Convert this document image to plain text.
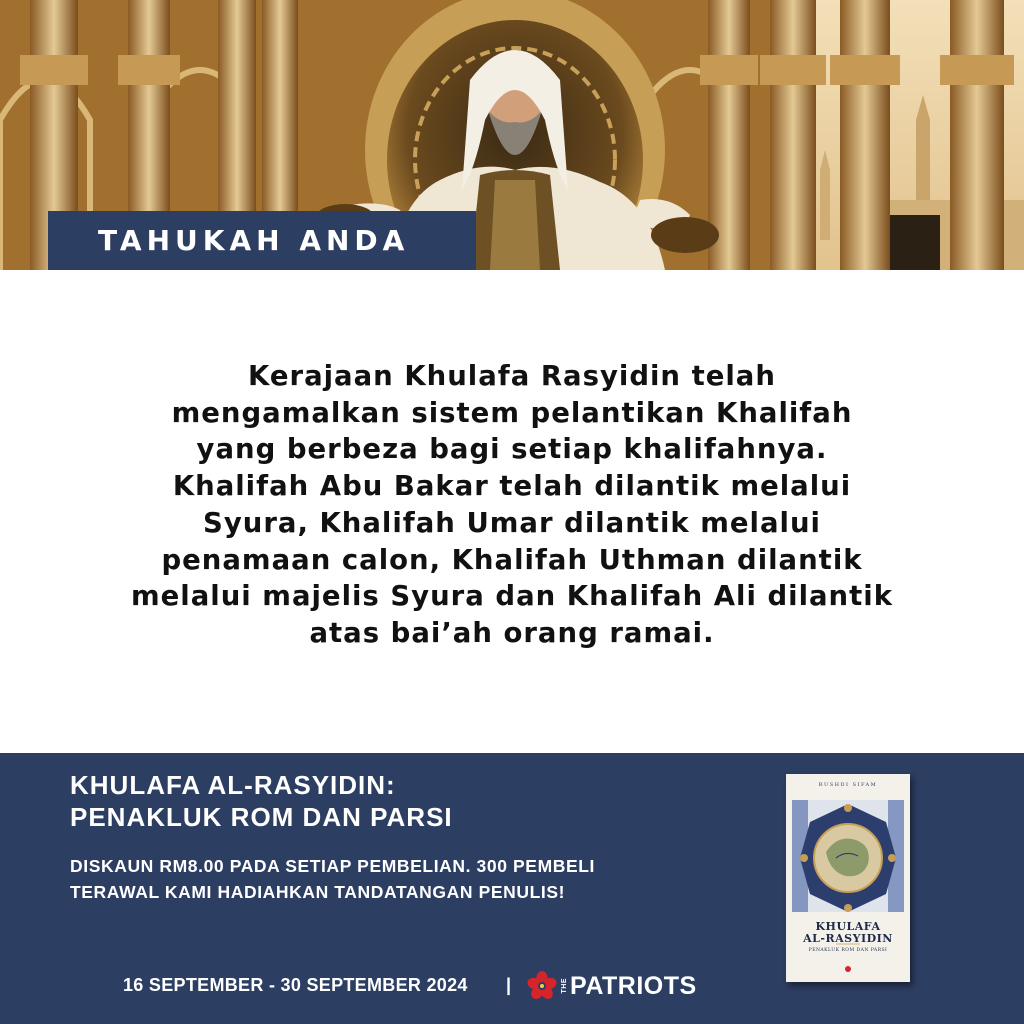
TAHUKAH ANDA
Kerajaan Khulafa Rasyidin telah
mengamalkan sistem pelantikan Khalifah
yang berbeza bagi setiap khalifahnya.
Khalifah Abu Bakar telah dilantik melalui
Syura, Khalifah Umar dilantik melalui
penamaan calon, Khalifah Uthman dilantik
melalui majelis Syura dan Khalifah Ali dilantik
atas bai’ah orang ramai.
KHULAFA AL-RASYIDIN:
PENAKLUK ROM DAN PARSI
DISKAUN RM8.00 PADA SETIAP PEMBELIAN. 300 PEMBELI
TERAWAL KAMI HADIAHKAN TANDATANGAN PENULIS!
16 SEPTEMBER - 30 SEPTEMBER 2024 |	THE PATRIOTS
RUSHDI SIFAM
KHULAFA
AL-RASYIDIN
PENAKLUK ROM DAN PARSI
